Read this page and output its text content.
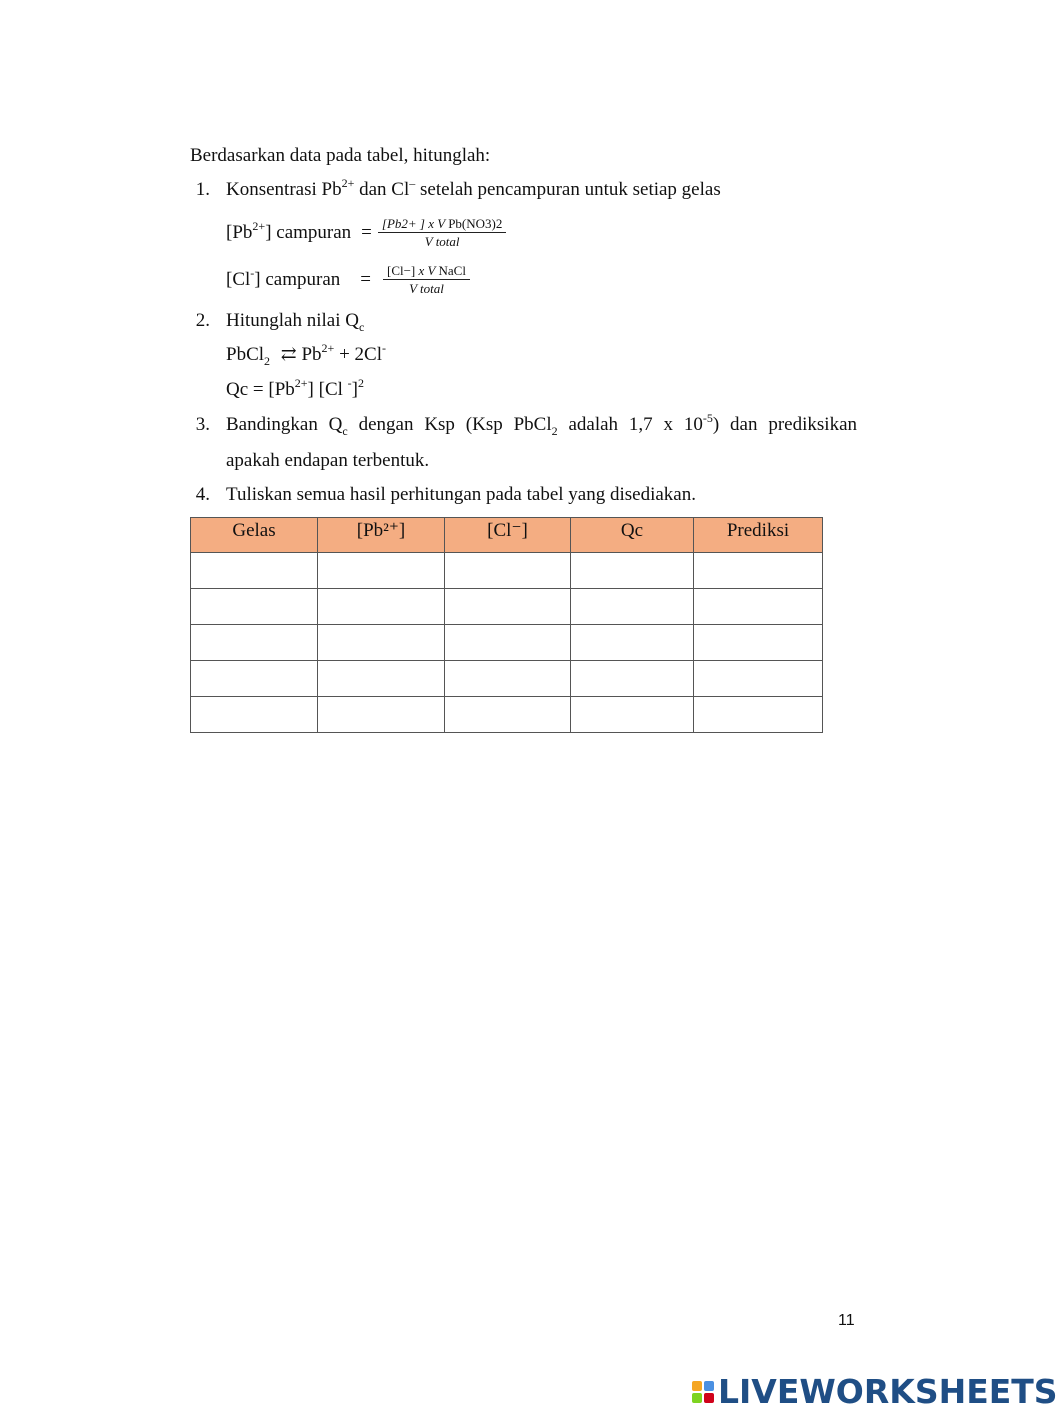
Berdasarkan data pada tabel, hitunglah:
1. Konsentrasi $Pb^{2+}$ dan Cl– setelah pencampuran untuk setiap gelas
$[Pb^{2+}]$ campuran = $\frac{\text{[Pb2+ ] x V Pb(NO3)2}}{\text{V total}}$
[Cl-] campuran = $\frac{\text{[Cl−] x V NaCl}}{\text{V total}}$
2. Hitunglah nilai $Q_c$
PbCl$_2$ ⇄ $Pb^{2+} + 2Cl^-$
$Qc = [Pb^{2+}]$ [Cl -]$^2$
3. Bandingkan $Q_c$ dengan Ksp (Ksp PbCl$_2$ adalah 1,7 x $10^{-5}$) dan prediksikan
apakah endapan terbentuk.
4. Tuliskan semua hasil perhitungan pada tabel yang disediakan.
Gelas	[Pb²⁺]	[Cl⁻]	Qc	Prediksi

11
LIVEWORKSHEETS
